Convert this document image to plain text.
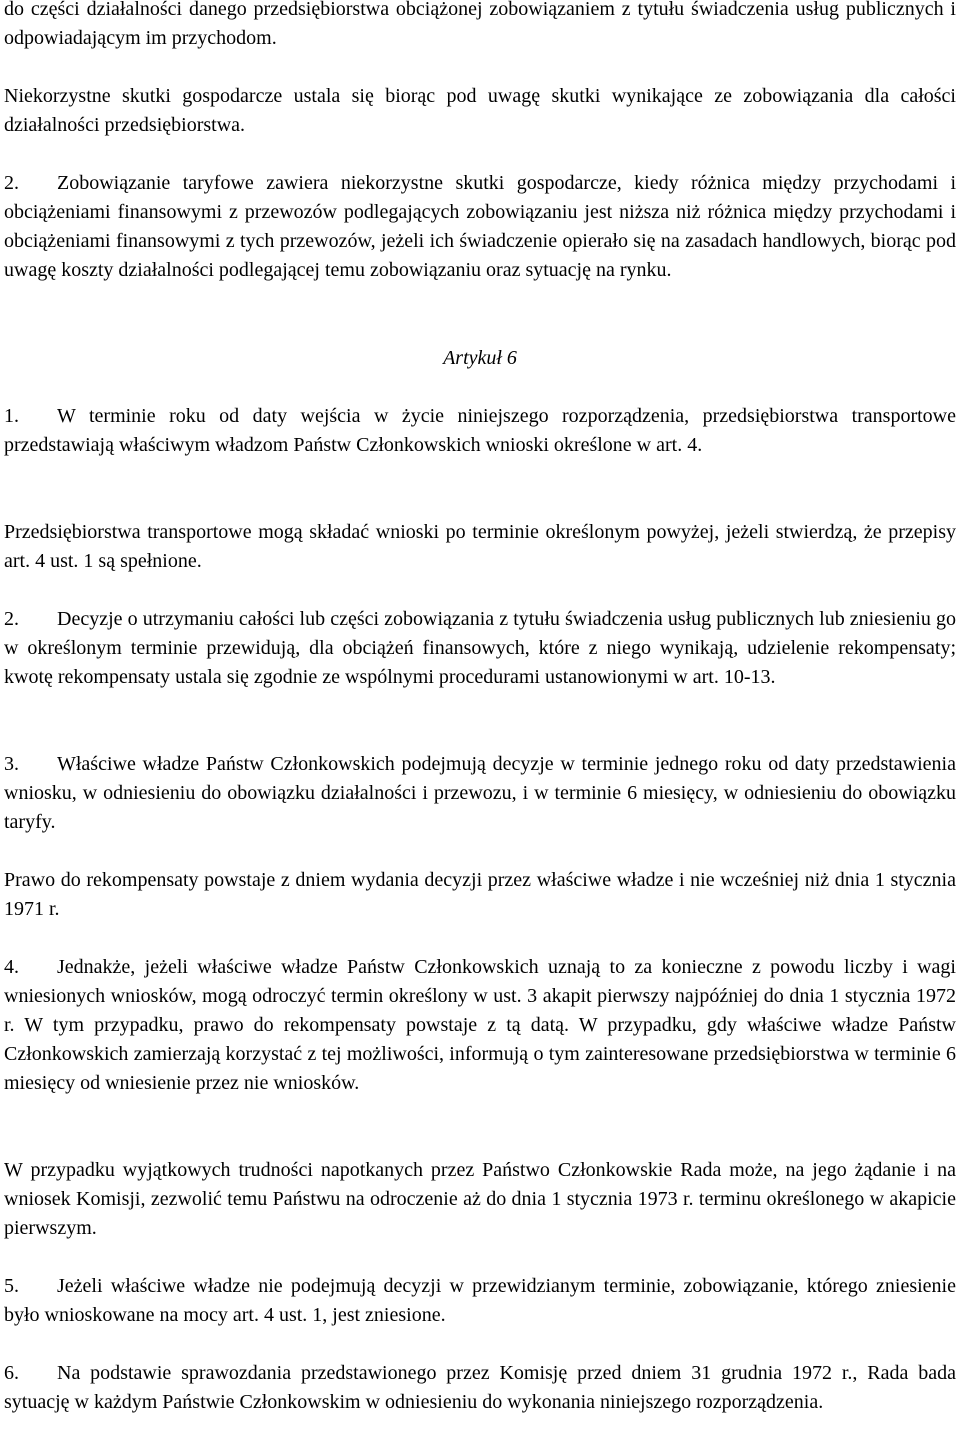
do części działalności danego przedsiębiorstwa obciążonej zobowiązaniem z tytułu świadczenia usług publicznych i odpowiadającym im przychodom.

Niekorzystne skutki gospodarcze ustala się biorąc pod uwagę skutki wynikające ze zobowiązania dla całości działalności przedsiębiorstwa.

2. Zobowiązanie taryfowe zawiera niekorzystne skutki gospodarcze, kiedy różnica między przychodami i obciążeniami finansowymi z przewozów podlegających zobowiązaniu jest niższa niż różnica między przychodami i obciążeniami finansowymi z tych przewozów, jeżeli ich świadczenie opierało się na zasadach handlowych, biorąc pod uwagę koszty działalności podlegającej temu zobowiązaniu oraz sytuację na rynku.

Artykuł 6

1. W terminie roku od daty wejścia w życie niniejszego rozporządzenia, przedsiębiorstwa transportowe przedstawiają właściwym władzom Państw Członkowskich wnioski określone w art. 4.

Przedsiębiorstwa transportowe mogą składać wnioski po terminie określonym powyżej, jeżeli stwierdzą, że przepisy art. 4 ust. 1 są spełnione.

2. Decyzje o utrzymaniu całości lub części zobowiązania z tytułu świadczenia usług publicznych lub zniesieniu go w określonym terminie przewidują, dla obciążeń finansowych, które z niego wynikają, udzielenie rekompensaty; kwotę rekompensaty ustala się zgodnie ze wspólnymi procedurami ustanowionymi w art. 10-13.

3. Właściwe władze Państw Członkowskich podejmują decyzje w terminie jednego roku od daty przedstawienia wniosku, w odniesieniu do obowiązku działalności i przewozu, i w terminie 6 miesięcy, w odniesieniu do obowiązku taryfy.

Prawo do rekompensaty powstaje z dniem wydania decyzji przez właściwe władze i nie wcześniej niż dnia 1 stycznia 1971 r.

4. Jednakże, jeżeli właściwe władze Państw Członkowskich uznają to za konieczne z powodu liczby i wagi wniesionych wniosków, mogą odroczyć termin określony w ust. 3 akapit pierwszy najpóźniej do dnia 1 stycznia 1972 r. W tym przypadku, prawo do rekompensaty powstaje z tą datą. W przypadku, gdy właściwe władze Państw Członkowskich zamierzają korzystać z tej możliwości, informują o tym zainteresowane przedsiębiorstwa w terminie 6 miesięcy od wniesienie przez nie wniosków.

W przypadku wyjątkowych trudności napotkanych przez Państwo Członkowskie Rada może, na jego żądanie i na wniosek Komisji, zezwolić temu Państwu na odroczenie aż do dnia 1 stycznia 1973 r. terminu określonego w akapicie pierwszym.

5. Jeżeli właściwe władze nie podejmują decyzji w przewidzianym terminie, zobowiązanie, którego zniesienie było wnioskowane na mocy art. 4 ust. 1, jest zniesione.

6. Na podstawie sprawozdania przedstawionego przez Komisję przed dniem 31 grudnia 1972 r., Rada bada sytuację w każdym Państwie Członkowskim w odniesieniu do wykonania niniejszego rozporządzenia.
